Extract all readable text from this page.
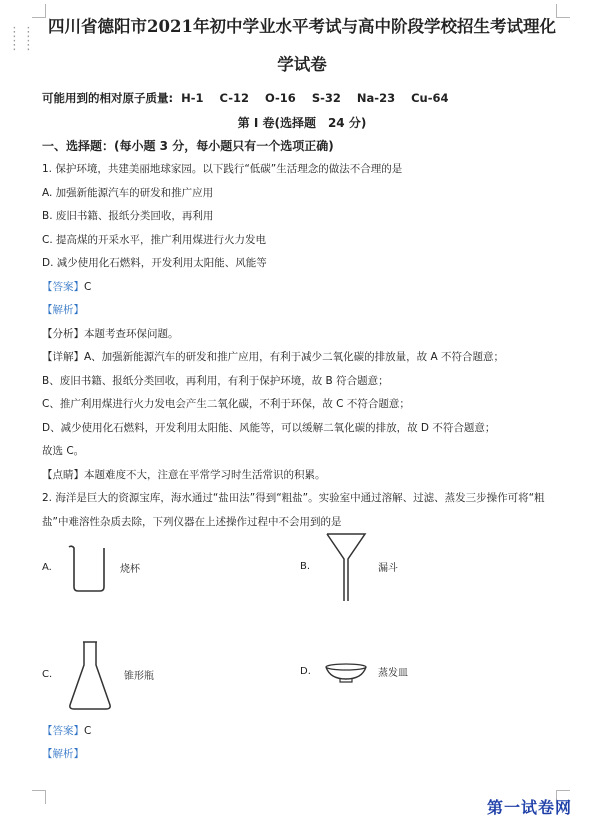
⋮⋮
⋮⋮
四川省德阳市2021年初中学业水平考试与高中阶段学校招生考试理化
学试卷
可能用到的相对原子质量: H-1 C-12 O-16 S-32 Na-23 Cu-64
第 I 卷(选择题　24 分)
一、选择题：(每小题 3 分，每小题只有一个选项正确)
1. 保护环境，共建美丽地球家园。以下践行“低碳”生活理念的做法不合理的是
A. 加强新能源汽车的研发和推广应用
B. 废旧书籍、报纸分类回收，再利用
C. 提高煤的开采水平，推广利用煤进行火力发电
D. 减少使用化石燃料，开发利用太阳能、风能等
【答案】C
【解析】
【分析】本题考查环保问题。
【详解】A、加强新能源汽车的研发和推广应用，有利于减少二氧化碳的排放量，故 A 不符合题意；
B、废旧书籍、报纸分类回收，再利用，有利于保护环境，故 B 符合题意；
C、推广利用煤进行火力发电会产生二氧化碳，不利于环保，故 C 不符合题意；
D、减少使用化石燃料，开发利用太阳能、风能等，可以缓解二氧化碳的排放，故 D 不符合题意；
故选 C。
【点睛】本题难度不大，注意在平常学习时生活常识的积累。
2. 海洋是巨大的资源宝库，海水通过“盐田法”得到“粗盐”。实验室中通过溶解、过滤、蒸发三步操作可将“粗
盐”中难溶性杂质去除，下列仪器在上述操作过程中不会用到的是
A.	烧杯	B.	漏斗
C.	锥形瓶	D.	蒸发皿
【答案】C
【解析】
第一试卷网
